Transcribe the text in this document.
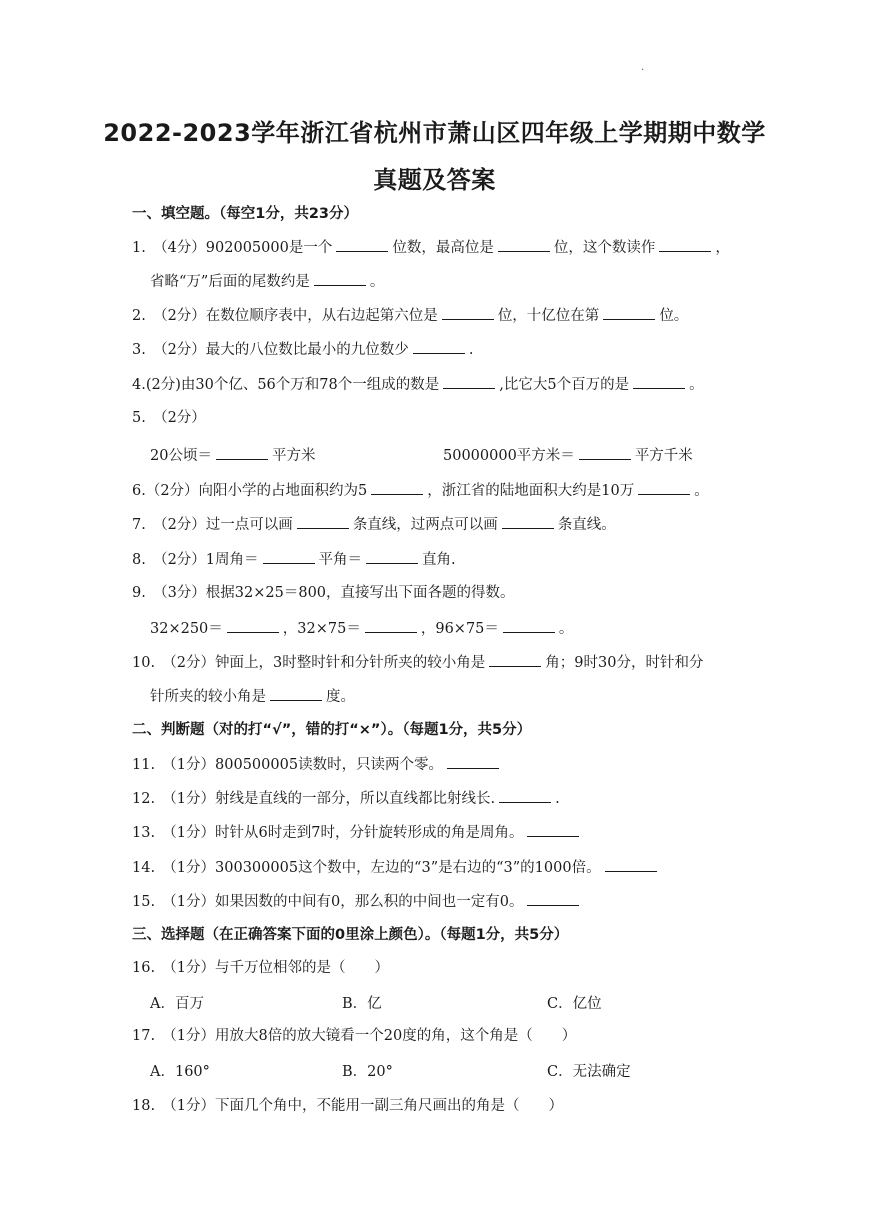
.
2022-2023学年浙江省杭州市萧山区四年级上学期期中数学
真题及答案
一、填空题。（每空1分，共23分）
1.　（4分）902005000是一个	位数，最高位是	位，这个数读作	，
省略“万”后面的尾数约是	。
2.　（2分）在数位顺序表中，从右边起第六位是	位，十亿位在第	位。
3.　（2分）最大的八位数比最小的九位数少	.
4.(2分)由30个亿、56个万和78个一组成的数是	,比它大5个百万的是	。
5.　（2分）
20公顷＝	平方米	50000000平方米＝	平方千米
6.（2分）向阳小学的占地面积约为5	，浙江省的陆地面积大约是10万	。
7.　（2分）过一点可以画	条直线，过两点可以画	条直线。
8.　（2分）1周角＝	平角＝	直角.
9.　（3分）根据32×25＝800，直接写出下面各题的得数。
32×250＝	，32×75＝	，96×75＝	。
10.　（2分）钟面上，3时整时针和分针所夹的较小角是	角；9时30分，时针和分
针所夹的较小角是	度。
二、判断题（对的打“√”，错的打“×”）。（每题1分，共5分）
11.　（1分）800500005读数时，只读两个零。
12.　（1分）射线是直线的一部分，所以直线都比射线长.	.
13.　（1分）时针从6时走到7时，分针旋转形成的角是周角。
14.　（1分）300300005这个数中，左边的“3”是右边的“3”的1000倍。
15.　（1分）如果因数的中间有0，那么积的中间也一定有0。
三、选择题（在正确答案下面的0里涂上颜色）。（每题1分，共5分）
16.　（1分）与千万位相邻的是（　　）
A．百万	B．亿	C．亿位
17.　（1分）用放大8倍的放大镜看一个20度的角，这个角是（　　）
A．160°	B．20°	C．无法确定
18.　（1分）下面几个角中，不能用一副三角尺画出的角是（　　）
